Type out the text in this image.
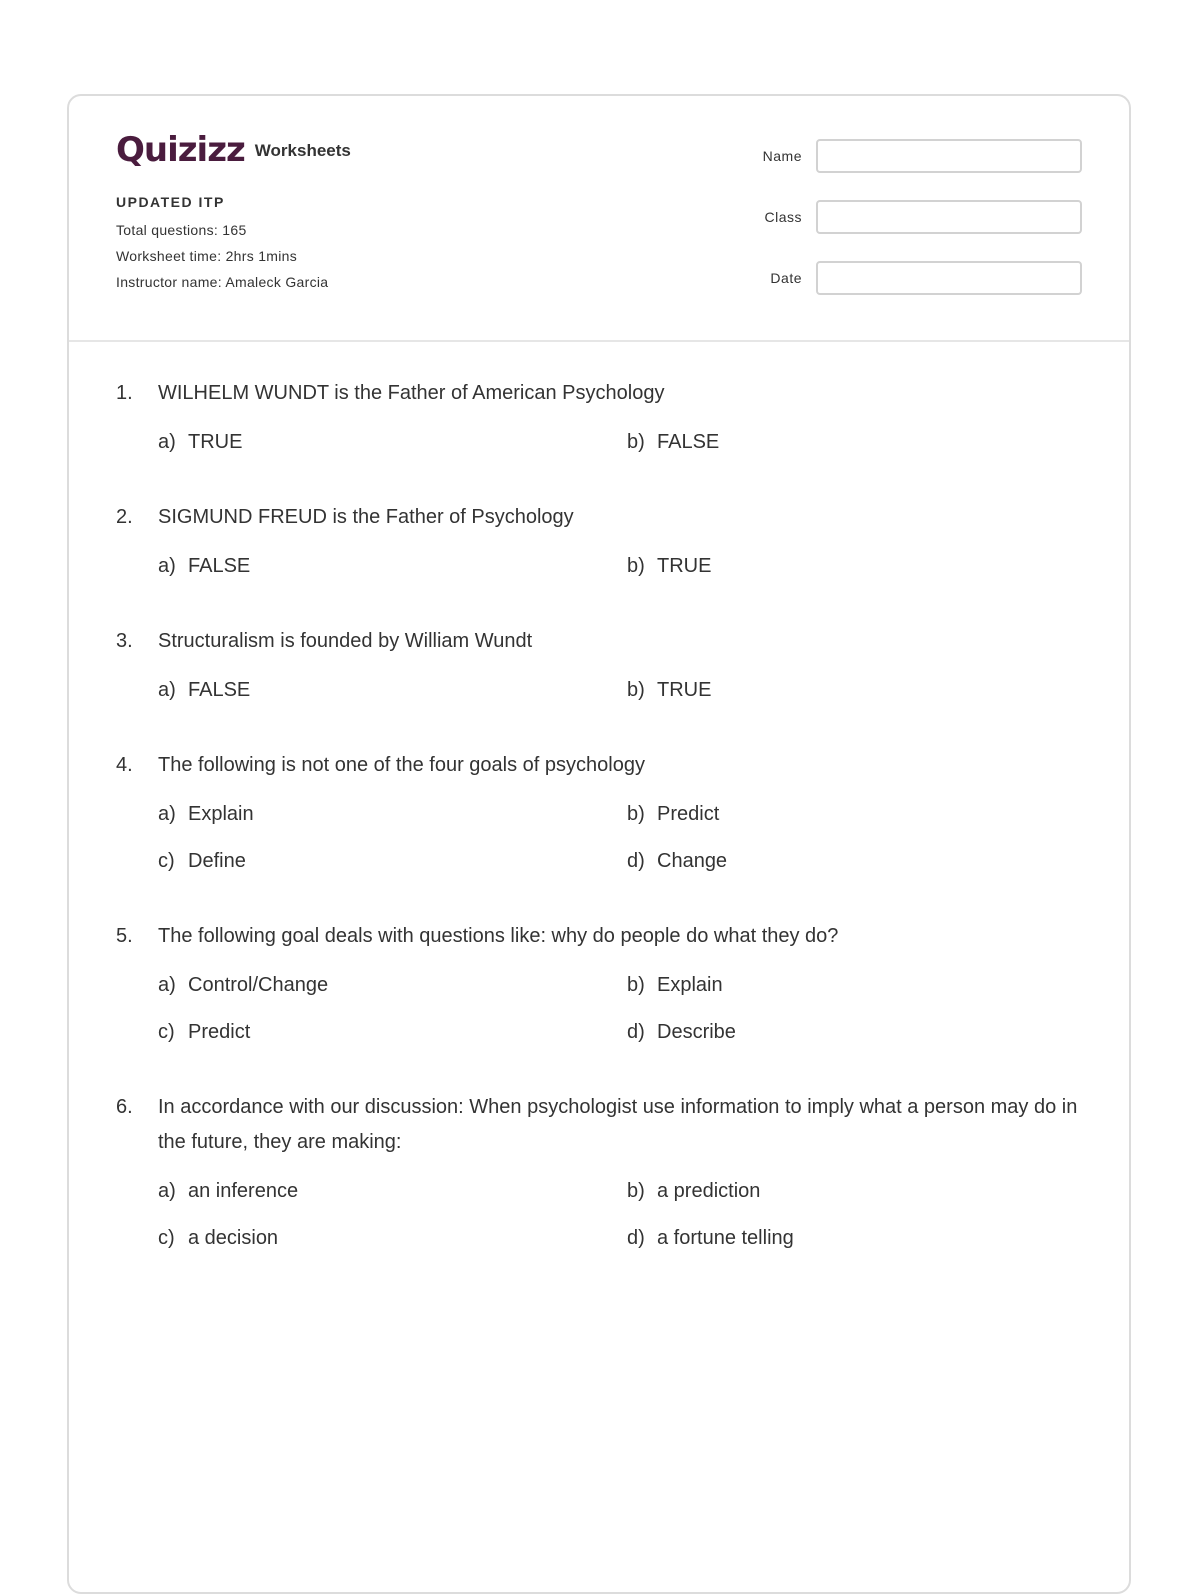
Quizizz Worksheets
UPDATED ITP
Total questions: 165
Worksheet time: 2hrs 1mins
Instructor name: Amaleck Garcia
Name
Class
Date
1.	WILHELM WUNDT is the Father of American Psychology
a) TRUE	b) FALSE
2.	SIGMUND FREUD is the Father of Psychology
a) FALSE	b) TRUE
3.	Structuralism is founded by William Wundt
a) FALSE	b) TRUE
4.	The following is not one of the four goals of psychology
a) Explain	b) Predict
c) Define	d) Change
5.	The following goal deals with questions like: why do people do what they do?
a) Control/Change	b) Explain
c) Predict	d) Describe
6.	In accordance with our discussion: When psychologist use information to imply what a person may do in the future, they are making:
a) an inference	b) a prediction
c) a decision	d) a fortune telling
